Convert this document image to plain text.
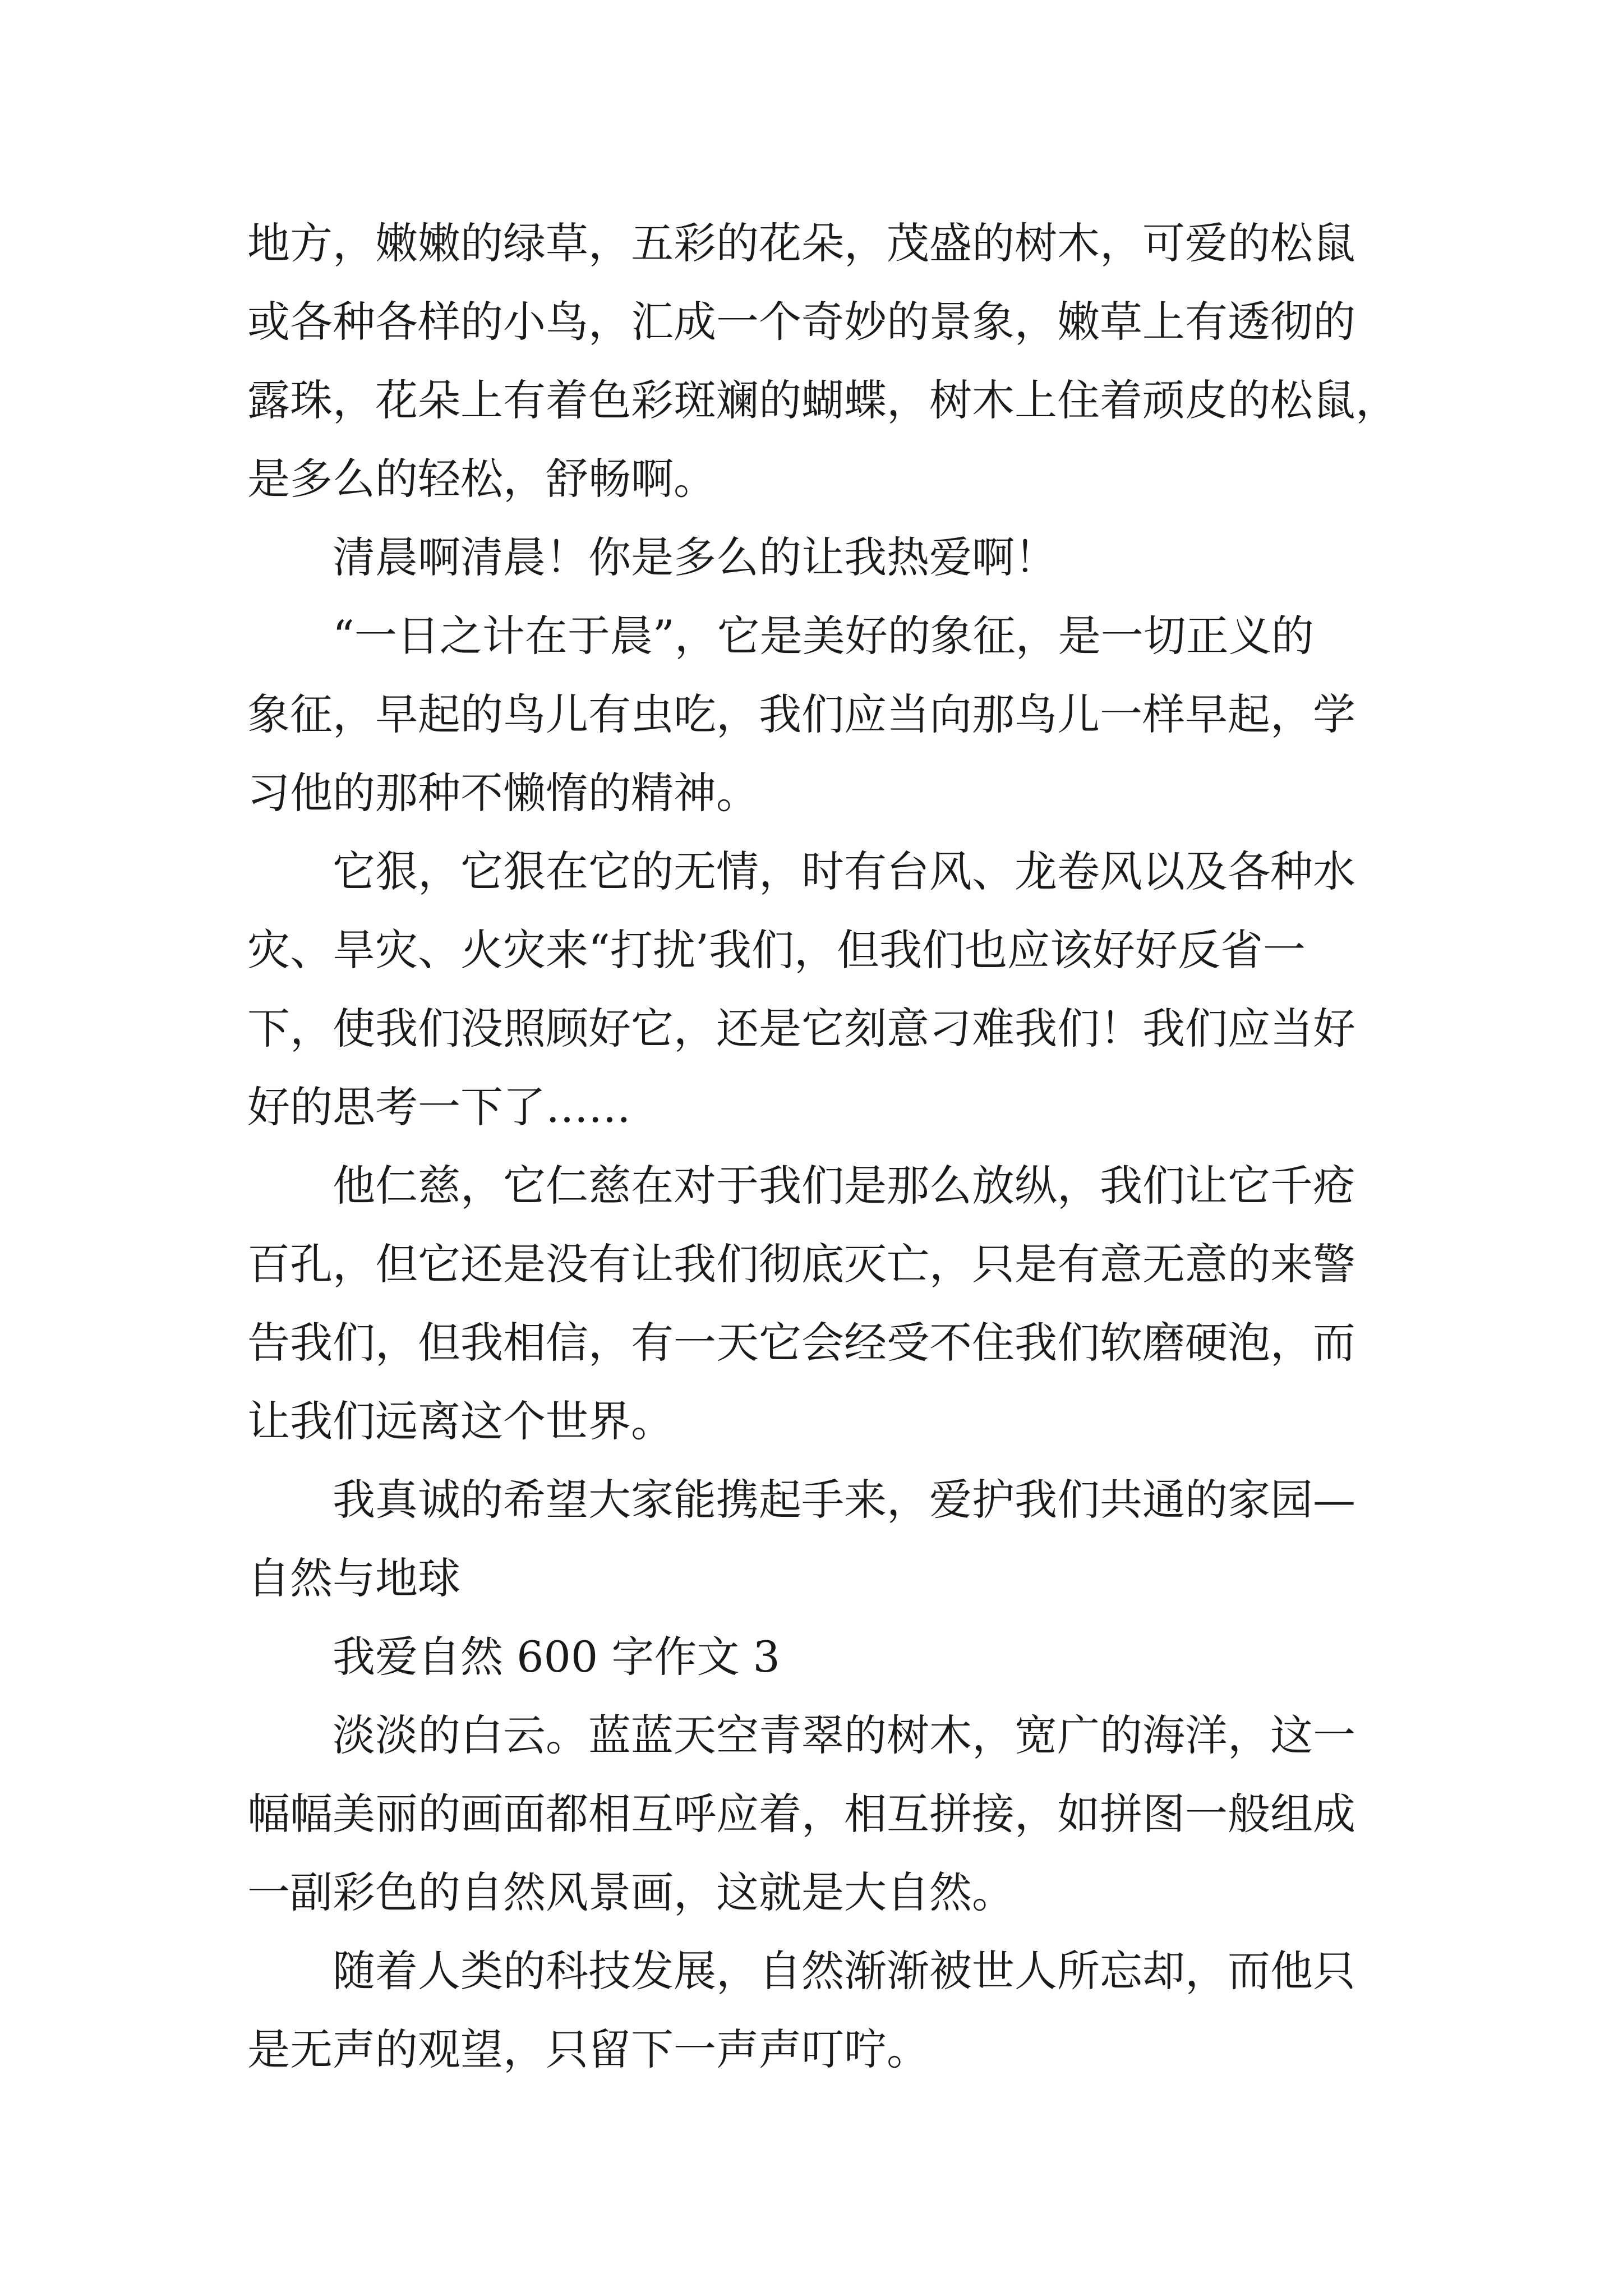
地方，嫩嫩的绿草，五彩的花朵，茂盛的树木，可爱的松鼠
或各种各样的小鸟，汇成一个奇妙的景象，嫩草上有透彻的
露珠，花朵上有着色彩斑斓的蝴蝶，树木上住着顽皮的松鼠，
是多么的轻松，舒畅啊。
清晨啊清晨！你是多么的让我热爱啊！
“一日之计在于晨”，它是美好的象征，是一切正义的
象征，早起的鸟儿有虫吃，我们应当向那鸟儿一样早起，学
习他的那种不懒惰的精神。
它狠，它狠在它的无情，时有台风、龙卷风以及各种水
灾、旱灾、火灾来“打扰’我们，但我们也应该好好反省一
下，使我们没照顾好它，还是它刻意刁难我们！我们应当好
好的思考一下了……
他仁慈，它仁慈在对于我们是那么放纵，我们让它千疮
百孔，但它还是没有让我们彻底灭亡，只是有意无意的来警
告我们，但我相信，有一天它会经受不住我们软磨硬泡，而
让我们远离这个世界。
我真诚的希望大家能携起手来，爱护我们共通的家园—
自然与地球
我爱自然 600 字作文 3
淡淡的白云。蓝蓝天空青翠的树木，宽广的海洋，这一
幅幅美丽的画面都相互呼应着，相互拼接，如拼图一般组成
一副彩色的自然风景画，这就是大自然。
随着人类的科技发展，自然渐渐被世人所忘却，而他只
是无声的观望，只留下一声声叮咛。
